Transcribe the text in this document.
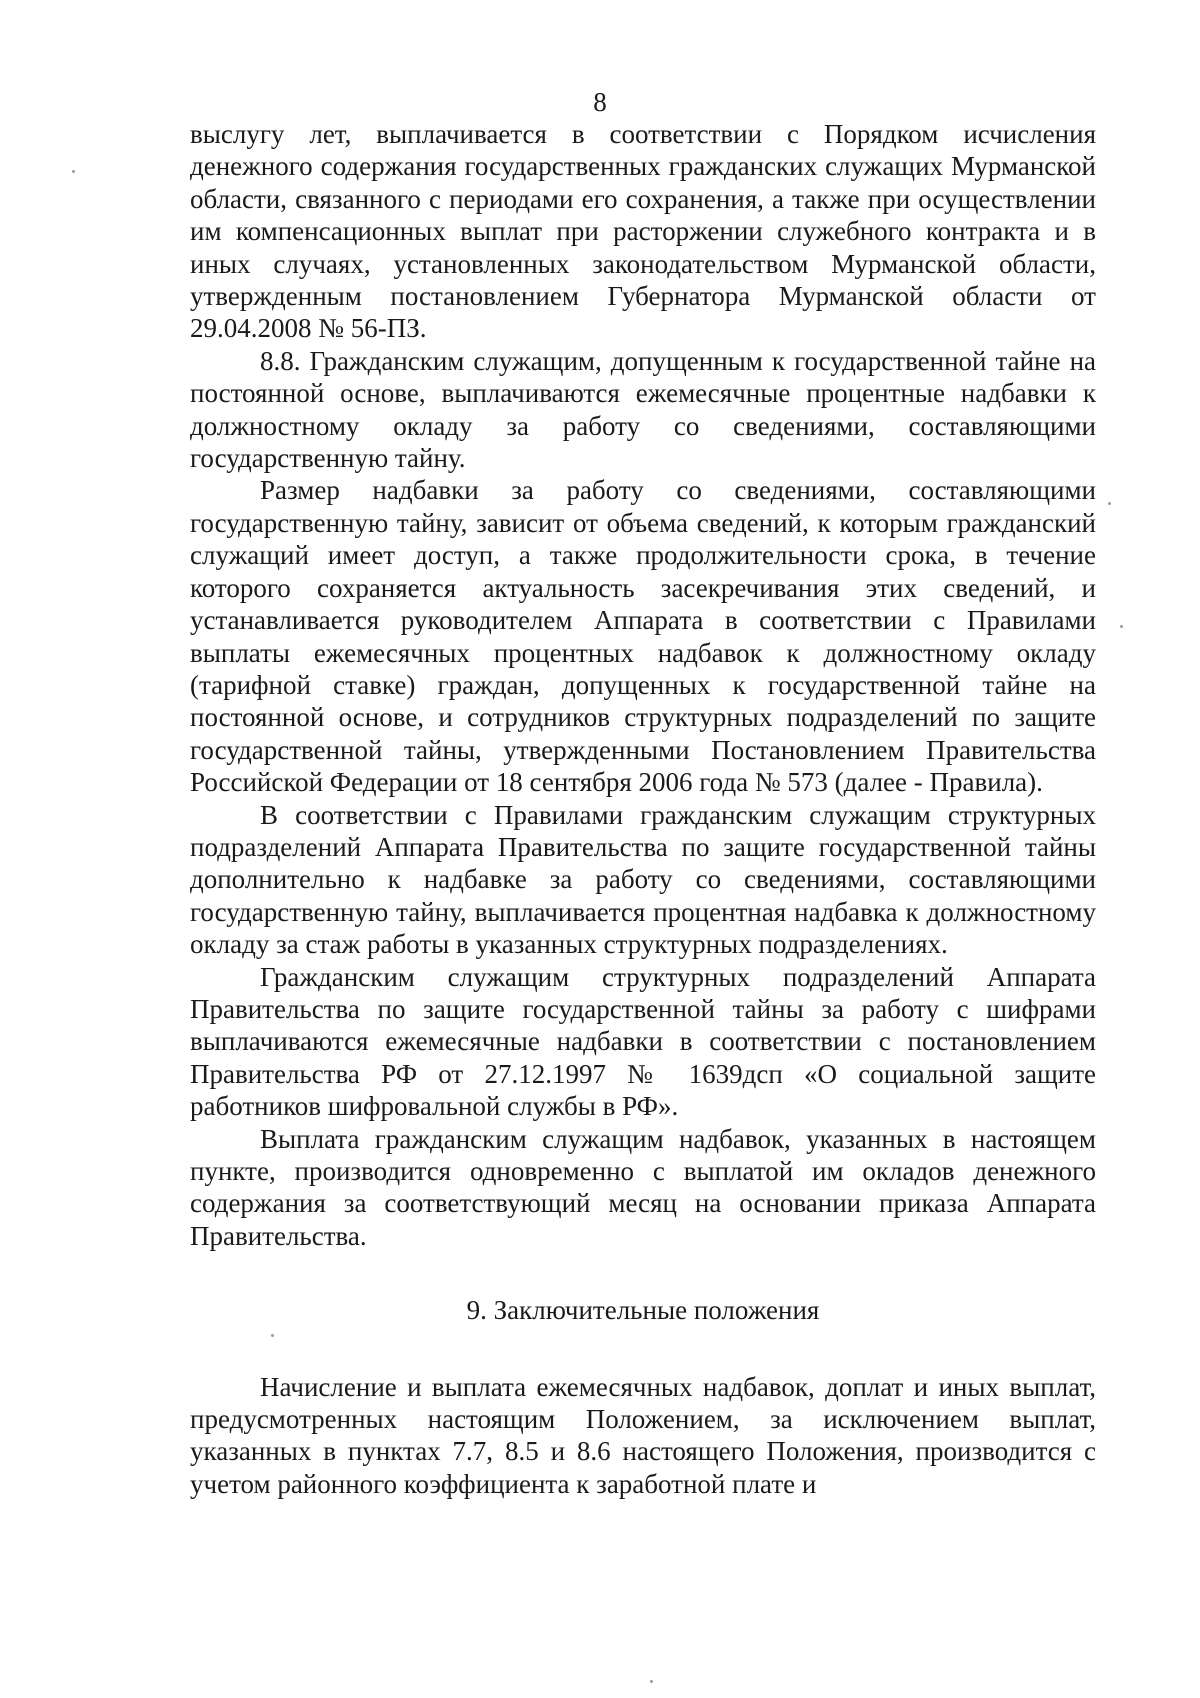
8

выслугу лет, выплачивается в соответствии с Порядком исчисления денежного содержания государственных гражданских служащих Мурманской области, связанного с периодами его сохранения, а также при осуществлении им компенсационных выплат при расторжении служебного контракта и в иных случаях, установленных законодательством Мурманской области, утвержденным постановлением Губернатора Мурманской области от 29.04.2008 № 56-ПЗ.

8.8. Гражданским служащим, допущенным к государственной тайне на постоянной основе, выплачиваются ежемесячные процентные надбавки к должностному окладу за работу со сведениями, составляющими государственную тайну.

Размер надбавки за работу со сведениями, составляющими государственную тайну, зависит от объема сведений, к которым гражданский служащий имеет доступ, а также продолжительности срока, в течение которого сохраняется актуальность засекречивания этих сведений, и устанавливается руководителем Аппарата в соответствии с Правилами выплаты ежемесячных процентных надбавок к должностному окладу (тарифной ставке) граждан, допущенных к государственной тайне на постоянной основе, и сотрудников структурных подразделений по защите государственной тайны, утвержденными Постановлением Правительства Российской Федерации от 18 сентября 2006 года № 573 (далее - Правила).

В соответствии с Правилами гражданским служащим структурных подразделений Аппарата Правительства по защите государственной тайны дополнительно к надбавке за работу со сведениями, составляющими государственную тайну, выплачивается процентная надбавка к должностному окладу за стаж работы в указанных структурных подразделениях.

Гражданским служащим структурных подразделений Аппарата Правительства по защите государственной тайны за работу с шифрами выплачиваются ежемесячные надбавки в соответствии с постановлением Правительства РФ от 27.12.1997 № 1639дсп «О социальной защите работников шифровальной службы в РФ».

Выплата гражданским служащим надбавок, указанных в настоящем пункте, производится одновременно с выплатой им окладов денежного содержания за соответствующий месяц на основании приказа Аппарата Правительства.

9. Заключительные положения

Начисление и выплата ежемесячных надбавок, доплат и иных выплат, предусмотренных настоящим Положением, за исключением выплат, указанных в пунктах 7.7, 8.5 и 8.6 настоящего Положения, производится с учетом районного коэффициента к заработной плате и
